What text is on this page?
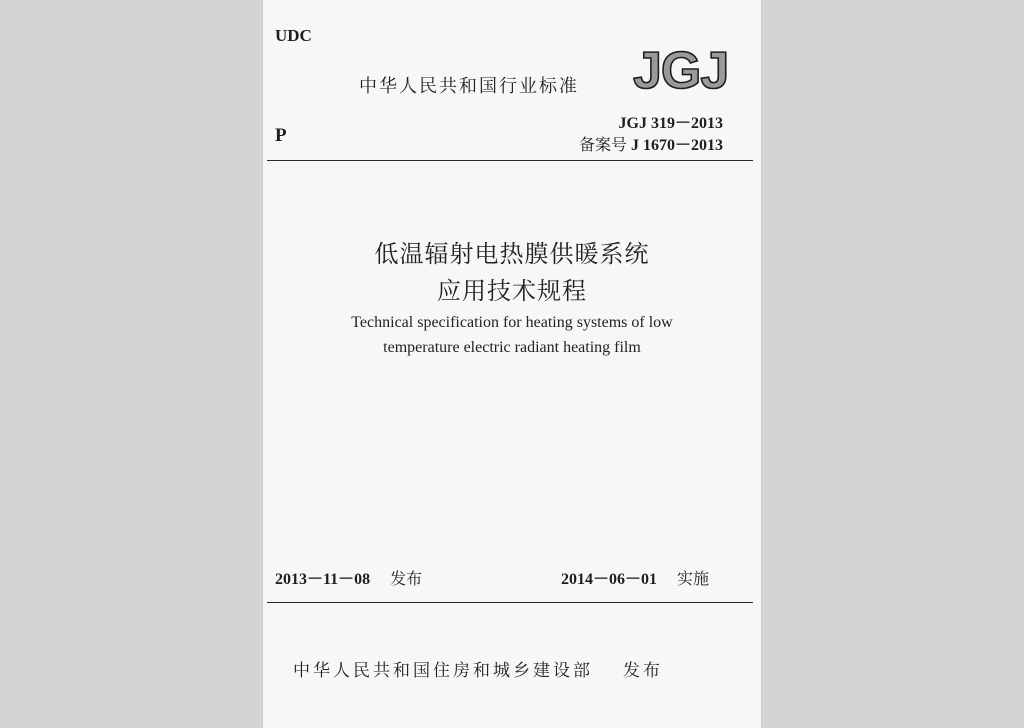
UDC
中华人民共和国行业标准 JGJ
JGJ 319－2013
备案号 J 1670－2013
P
低温辐射电热膜供暖系统
应用技术规程
Technical specification for heating systems of low
temperature electric radiant heating film
2013－11－08 发布	2014－06－01 实施
中华人民共和国住房和城乡建设部 发布
